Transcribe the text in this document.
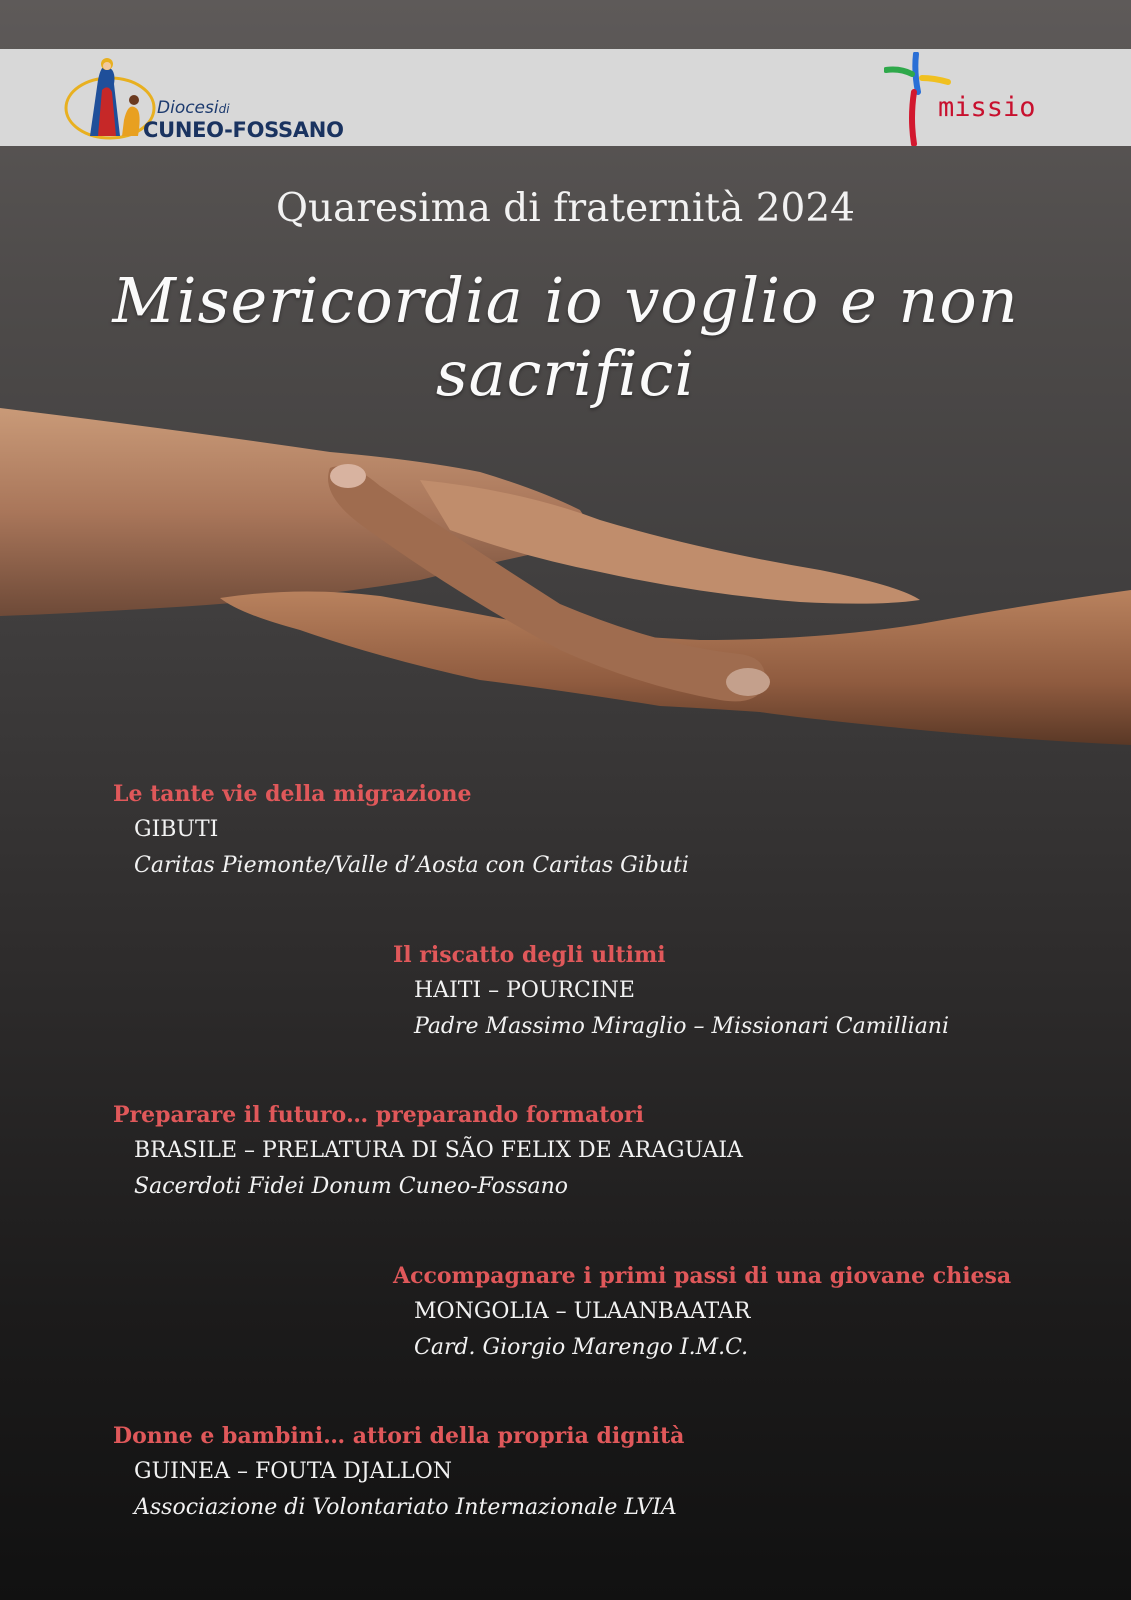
Diocesidi
CUNEO-FOSSANO
missio
Quaresima di fraternità 2024
Misericordia io voglio e non sacrifici
Le tante vie della migrazione
GIBUTI
Caritas Piemonte/Valle d’Aosta con Caritas Gibuti
Il riscatto degli ultimi
HAITI – POURCINE
Padre Massimo Miraglio – Missionari Camilliani
Preparare il futuro… preparando formatori
BRASILE – PRELATURA DI SÃO FELIX DE ARAGUAIA
Sacerdoti Fidei Donum Cuneo-Fossano
Accompagnare i primi passi di una giovane chiesa
MONGOLIA – ULAANBAATAR
Card. Giorgio Marengo I.M.C.
Donne e bambini… attori della propria dignità
GUINEA – FOUTA DJALLON
Associazione di Volontariato Internazionale LVIA
